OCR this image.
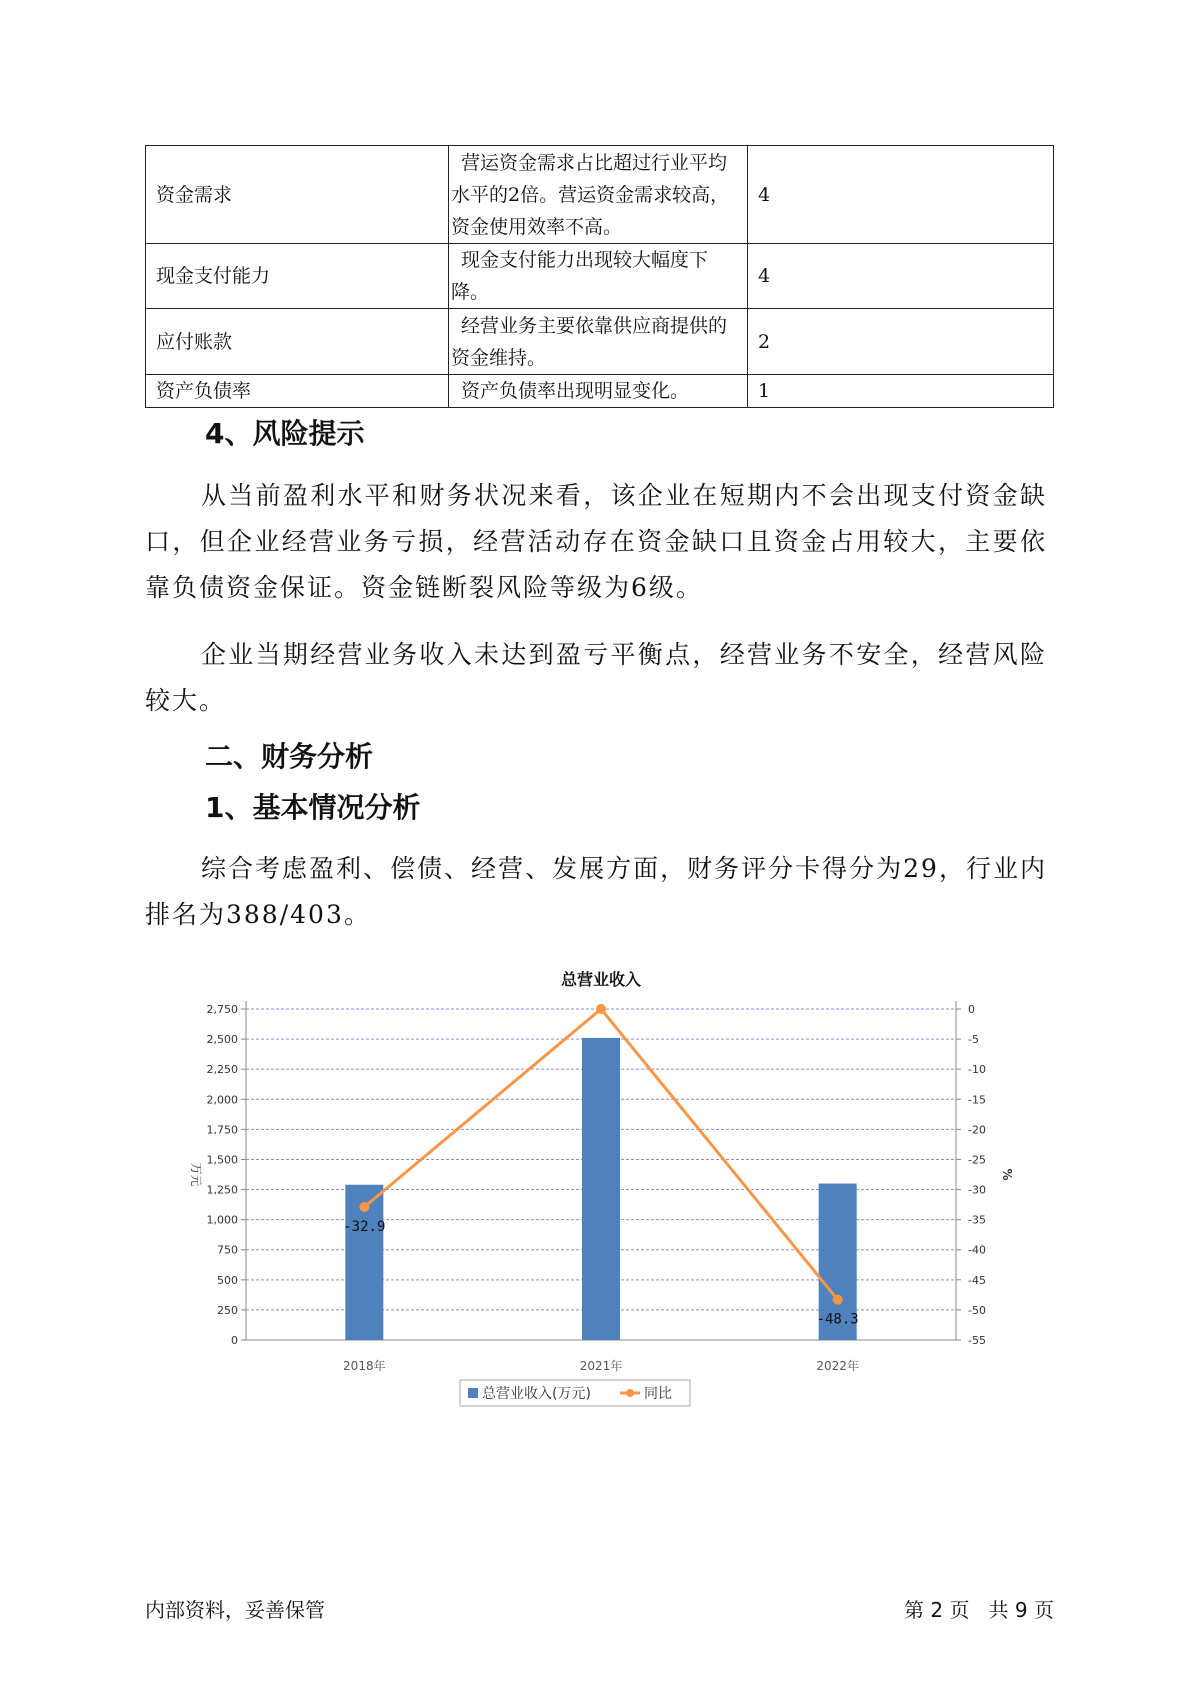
资金需求	营运资金需求占比超过行业平均水平的2倍。营运资金需求较高，资金使用效率不高。	4
现金支付能力	现金支付能力出现较大幅度下降。	4
应付账款	经营业务主要依靠供应商提供的资金维持。	2
资产负债率	资产负债率出现明显变化。	1
4、风险提示
从当前盈利水平和财务状况来看，该企业在短期内不会出现支付资金缺口，但企业经营业务亏损，经营活动存在资金缺口且资金占用较大，主要依靠负债资金保证。资金链断裂风险等级为6级。
企业当期经营业务收入未达到盈亏平衡点，经营业务不安全，经营风险较大。
二、财务分析
1、基本情况分析
综合考虑盈利、偿债、经营、发展方面，财务评分卡得分为29，行业内排名为388/403。
总营业收入
0
250
500
750
1,000
1,250
1,500
1,750
2,000
2,250
2,500
2,750	0
-5
-10
-15
-20
-25
-30
-35
-40
-45
-50
-55
万元	%
2018年	2021年	2022年
-32.9
-48.3
总营业收入(万元)	同比
内部资料，妥善保管	第 2 页   共 9 页
